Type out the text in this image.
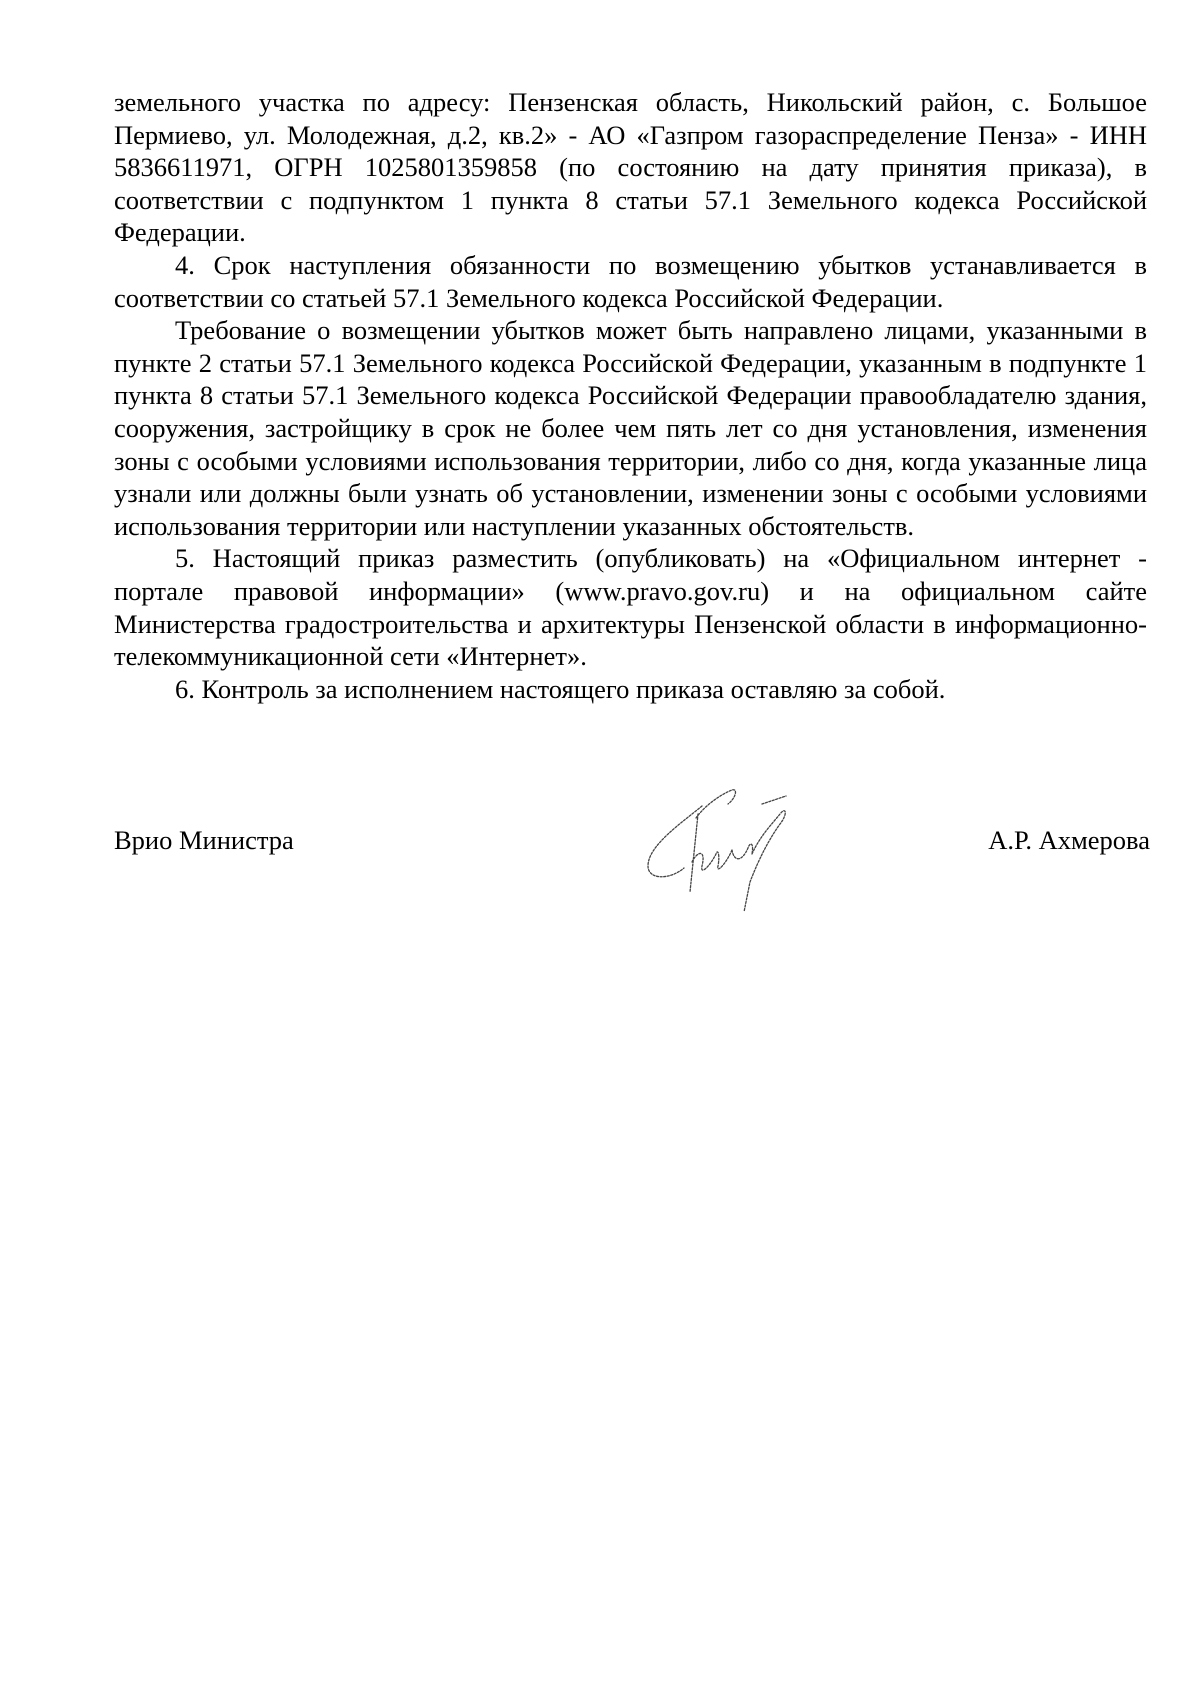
земельного участка по адресу: Пензенская область, Никольский район, с. Большое Пермиево, ул. Молодежная, д.2, кв.2» - АО «Газпром газораспределение Пенза» - ИНН 5836611971, ОГРН 1025801359858 (по состоянию на дату принятия приказа), в соответствии с подпунктом 1 пункта 8 статьи 57.1 Земельного кодекса Российской Федерации.

4. Срок наступления обязанности по возмещению убытков устанавливается в соответствии со статьей 57.1 Земельного кодекса Российской Федерации.

Требование о возмещении убытков может быть направлено лицами, указанными в пункте 2 статьи 57.1 Земельного кодекса Российской Федерации, указанным в подпункте 1 пункта 8 статьи 57.1 Земельного кодекса Российской Федерации правообладателю здания, сооружения, застройщику в срок не более чем пять лет со дня установления, изменения зоны с особыми условиями использования территории, либо со дня, когда указанные лица узнали или должны были узнать об установлении, изменении зоны с особыми условиями использования территории или наступлении указанных обстоятельств.

5. Настоящий приказ разместить (опубликовать) на «Официальном интернет - портале правовой информации» (www.pravo.gov.ru) и на официальном сайте Министерства градостроительства и архитектуры Пензенской области в информационно-телекоммуникационной сети «Интернет».

6. Контроль за исполнением настоящего приказа оставляю за собой.

Врио Министра	А.Р. Ахмерова
